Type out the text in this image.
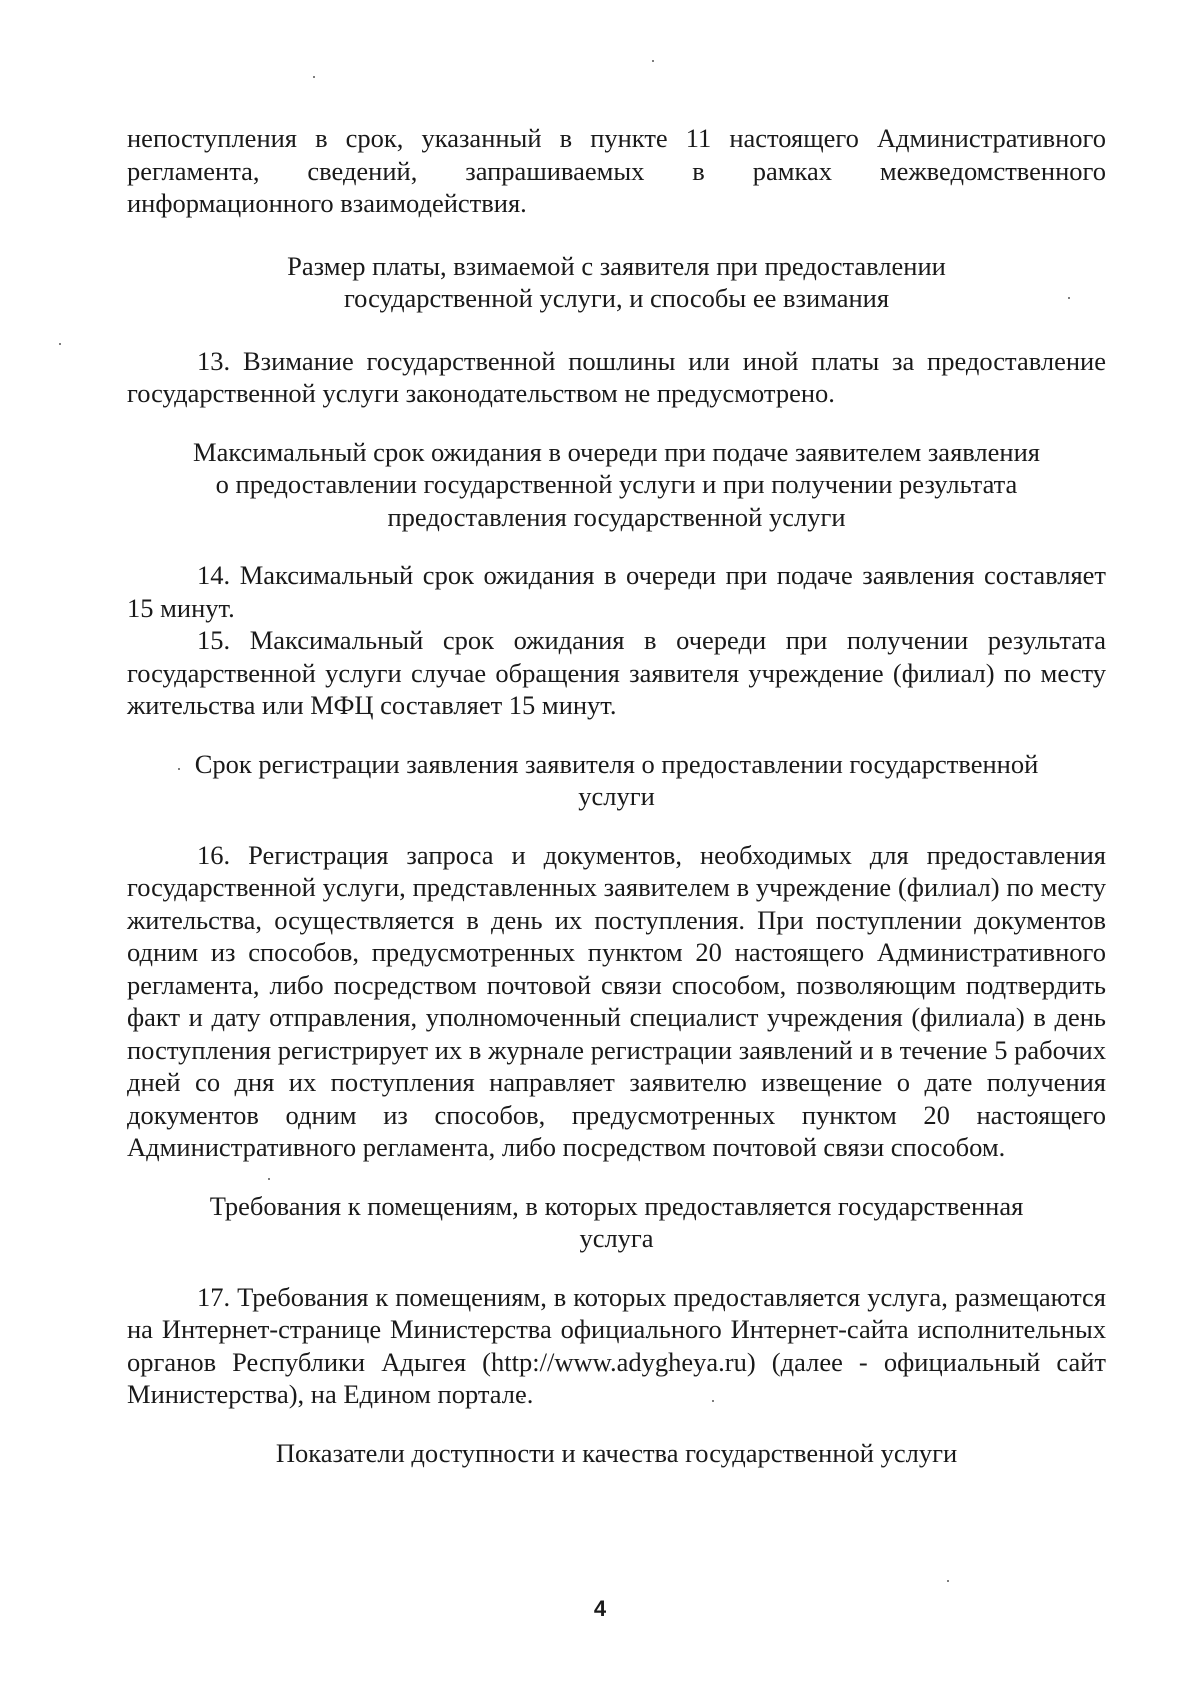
непоступления в срок, указанный в пункте 11 настоящего Административного регламента, сведений, запрашиваемых в рамках межведомственного информационного взаимодействия.

Размер платы, взимаемой с заявителя при предоставлении
государственной услуги, и способы ее взимания

13. Взимание государственной пошлины или иной платы за предоставление государственной услуги законодательством не предусмотрено.

Максимальный срок ожидания в очереди при подаче заявителем заявления
о предоставлении государственной услуги и при получении результата
предоставления государственной услуги

14. Максимальный срок ожидания в очереди при подаче заявления составляет 15 минут.

15. Максимальный срок ожидания в очереди при получении результата государственной услуги случае обращения заявителя учреждение (филиал) по месту жительства или МФЦ составляет 15 минут.

Срок регистрации заявления заявителя о предоставлении государственной
услуги

16. Регистрация запроса и документов, необходимых для предоставления государственной услуги, представленных заявителем в учреждение (филиал) по месту жительства, осуществляется в день их поступления. При поступлении документов одним из способов, предусмотренных пунктом 20 настоящего Административного регламента, либо посредством почтовой связи способом, позволяющим подтвердить факт и дату отправления, уполномоченный специалист учреждения (филиала) в день поступления регистрирует их в журнале регистрации заявлений и в течение 5 рабочих дней со дня их поступления направляет заявителю извещение о дате получения документов одним из способов, предусмотренных пунктом 20 настоящего Административного регламента, либо посредством почтовой связи способом.

Требования к помещениям, в которых предоставляется государственная
услуга

17. Требования к помещениям, в которых предоставляется услуга, размещаются на Интернет-странице Министерства официального Интернет-сайта исполнительных органов Республики Адыгея (http://www.adygheya.ru) (далее - официальный сайт Министерства), на Едином портале.

Показатели доступности и качества государственной услуги
4
